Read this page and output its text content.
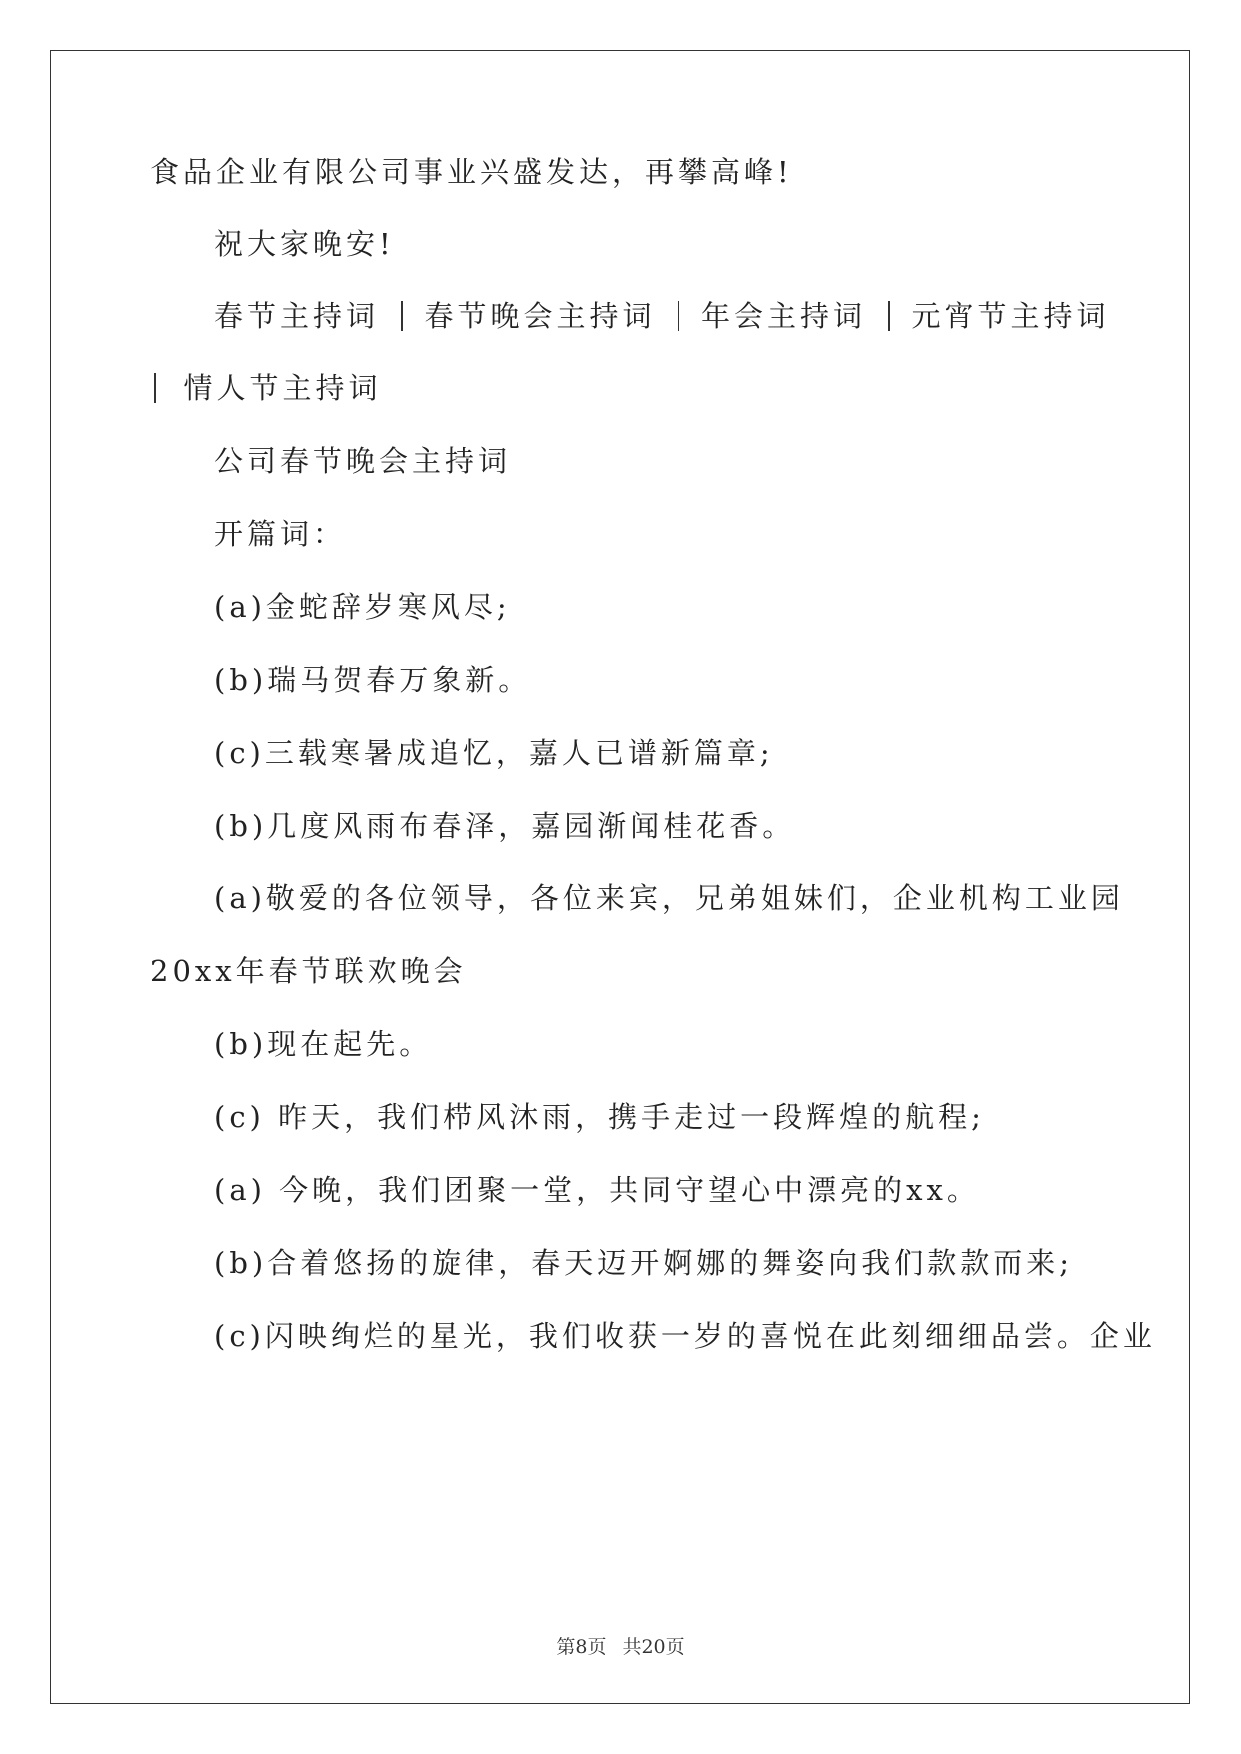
食品企业有限公司事业兴盛发达，再攀高峰!
祝大家晚安!
春节主持词 春节晚会主持词 年会主持词 元宵节主持词
情人节主持词
公司春节晚会主持词
开篇词：
(a)金蛇辞岁寒风尽;
(b)瑞马贺春万象新。
(c)三载寒暑成追忆，嘉人已谱新篇章;
(b)几度风雨布春泽，嘉园渐闻桂花香。
(a)敬爱的各位领导，各位来宾，兄弟姐妹们，企业机构工业园
20xx年春节联欢晚会
(b)现在起先。
(c) 昨天，我们栉风沐雨，携手走过一段辉煌的航程;
(a) 今晚，我们团聚一堂，共同守望心中漂亮的xx。
(b)合着悠扬的旋律，春天迈开婀娜的舞姿向我们款款而来;
(c)闪映绚烂的星光，我们收获一岁的喜悦在此刻细细品尝。企业
第8页 共20页
